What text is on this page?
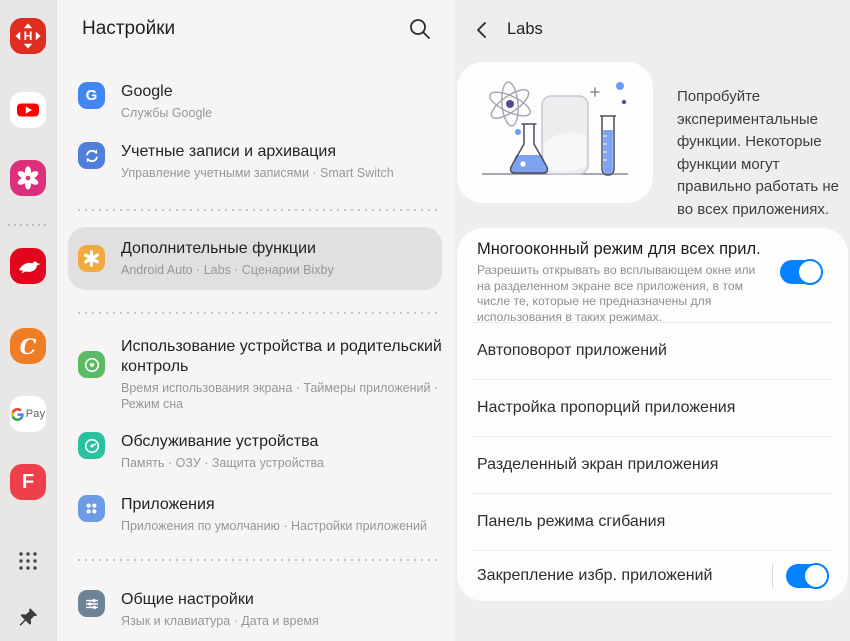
H
C
Pay
F
Настройки
G Google
Службы Google
Учетные записи и архивация
Управление учетными записями · Smart Switch
Дополнительные функции
Android Auto · Labs · Сценарии Bixby
Использование устройства и родительский контроль
Время использования экрана · Таймеры приложений · Режим сна
Обслуживание устройства
Память · ОЗУ · Защита устройства
Приложения
Приложения по умолчанию · Настройки приложений
Общие настройки
Язык и клавиатура · Дата и время
Labs

Попробуйте экспериментальные функции. Некоторые функции могут правильно работать не во всех приложениях.

Многооконный режим для всех прил.
Разрешить открывать во всплывающем окне или на разделенном экране все приложения, в том числе те, которые не предназначены для использования в таких режимах.
Автоповорот приложений
Настройка пропорций приложения
Разделенный экран приложения
Панель режима сгибания
Закрепление избр. приложений
